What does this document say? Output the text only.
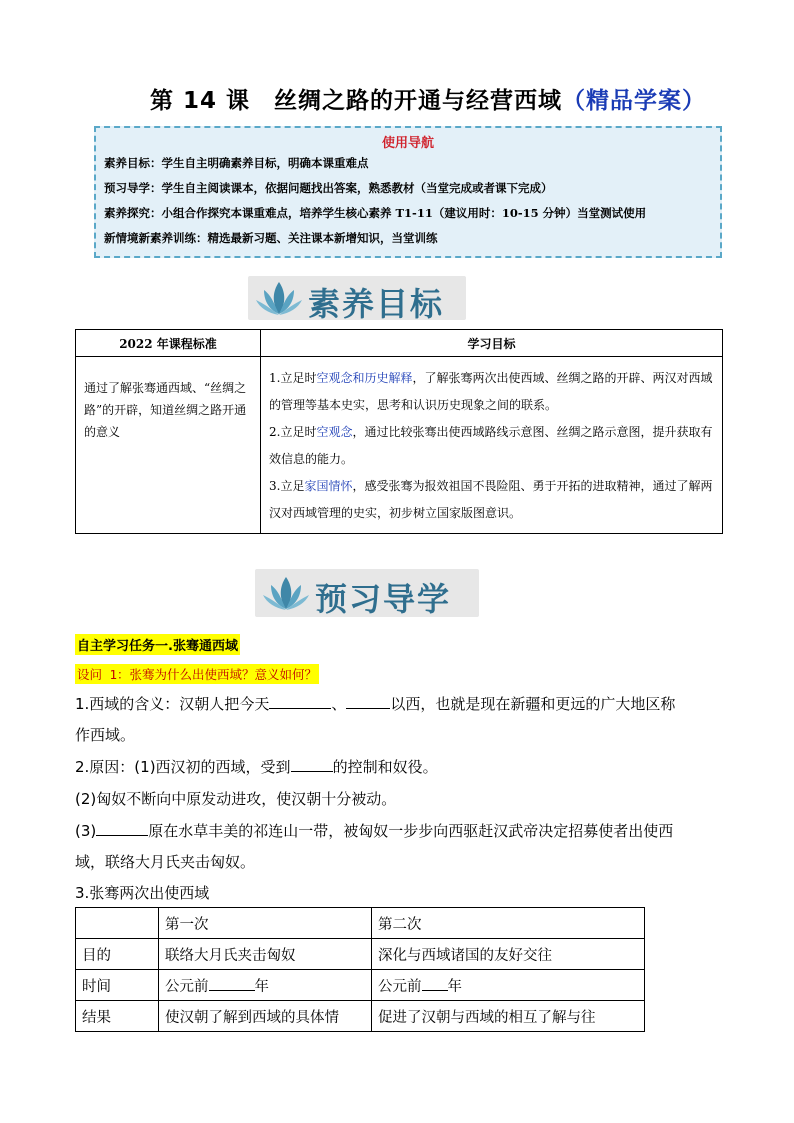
第 14 课　丝绸之路的开通与经营西域（精品学案）
使用导航
素养目标：学生自主明确素养目标，明确本课重难点
预习导学：学生自主阅读课本，依据问题找出答案，熟悉教材（当堂完成或者课下完成）
素养探究：小组合作探究本课重难点，培养学生核心素养 T1-11（建议用时：10-15 分钟）当堂测试使用
新情境新素养训练：精选最新习题、关注课本新增知识，当堂训练
素养目标
2022 年课程标准	学习目标
通过了解张骞通西域、“丝绸之路”的开辟，知道丝绸之路开通的意义	1.立足时空观念和历史解释，了解张骞两次出使西域、丝绸之路的开辟、两汉对西域的管理等基本史实，思考和认识历史现象之间的联系。

2.立足时空观念，通过比较张骞出使西域路线示意图、丝绸之路示意图，提升获取有效信息的能力。

3.立足家国情怀，感受张骞为报效祖国不畏险阻、勇于开拓的进取精神，通过了解两汉对西域管理的史实，初步树立国家版图意识。

预习导学
自主学习任务一.张骞通西域
设问 1：张骞为什么出使西域？意义如何？
1.西域的含义：汉朝人把今天	、	以西，也就是现在新疆和更远的广大地区称
作西域。
2.原因：(1)西汉初的西域，受到	的控制和奴役。
(2)匈奴不断向中原发动进攻，使汉朝十分被动。
(3)	原在水草丰美的祁连山一带，被匈奴一步步向西驱赶汉武帝决定招募使者出使西
域，联络大月氏夹击匈奴。
3.张骞两次出使西域
	第一次	第二次
目的	联络大月氏夹击匈奴	深化与西域诸国的友好交往
时间	公元前 年	公元前 年
结果	使汉朝了解到西域的具体情	促进了汉朝与西域的相互了解与往
